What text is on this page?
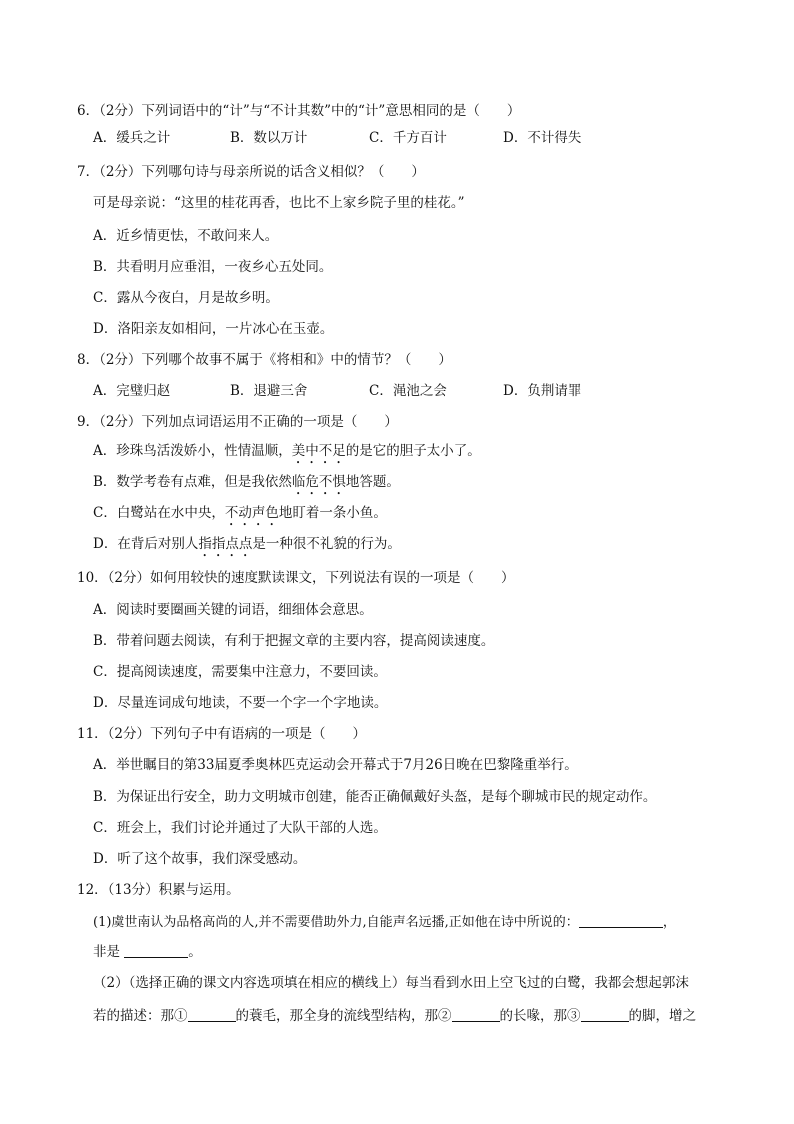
6．（2分）下列词语中的“计”与“不计其数”中的“计”意思相同的是（　　）
A．缓兵之计	B．数以万计	C．千方百计	D．不计得失
7．（2分）下列哪句诗与母亲所说的话含义相似？（　　）
可是母亲说：“这里的桂花再香，也比不上家乡院子里的桂花。”
A．近乡情更怯，不敢问来人。
B．共看明月应垂泪，一夜乡心五处同。
C．露从今夜白，月是故乡明。
D．洛阳亲友如相问，一片冰心在玉壶。
8．（2分）下列哪个故事不属于《将相和》中的情节？（　　）
A．完璧归赵	B．退避三舍	C．渑池之会	D．负荆请罪
9．（2分）下列加点词语运用不正确的一项是（　　）
A．珍珠鸟活泼娇小，性情温顺，美中不足的是它的胆子太小了。
B．数学考卷有点难，但是我依然临危不惧地答题。
C．白鹭站在水中央，不动声色地盯着一条小鱼。
D．在背后对别人指指点点是一种很不礼貌的行为。
10．（2分）如何用较快的速度默读课文，下列说法有误的一项是（　　）
A．阅读时要圈画关键的词语，细细体会意思。
B．带着问题去阅读，有利于把握文章的主要内容，提高阅读速度。
C．提高阅读速度，需要集中注意力，不要回读。
D．尽量连词成句地读，不要一个字一个字地读。
11．（2分）下列句子中有语病的一项是（　　）
A．举世瞩目的第33届夏季奥林匹克运动会开幕式于7月26日晚在巴黎隆重举行。
B．为保证出行安全，助力文明城市创建，能否正确佩戴好头盔，是每个聊城市民的规定动作。
C．班会上，我们讨论并通过了大队干部的人选。
D．听了这个故事，我们深受感动。
12．（13分）积累与运用。
(1)虞世南认为品格高尚的人,并不需要借助外力,自能声名远播,正如他在诗中所说的：	，
非是	。
（2）（选择正确的课文内容选项填在相应的横线上）每当看到水田上空飞过的白鹭，我都会想起郭沫
若的描述：那①	的蓑毛，那全身的流线型结构，那②	的长喙，那③	的脚，增之
